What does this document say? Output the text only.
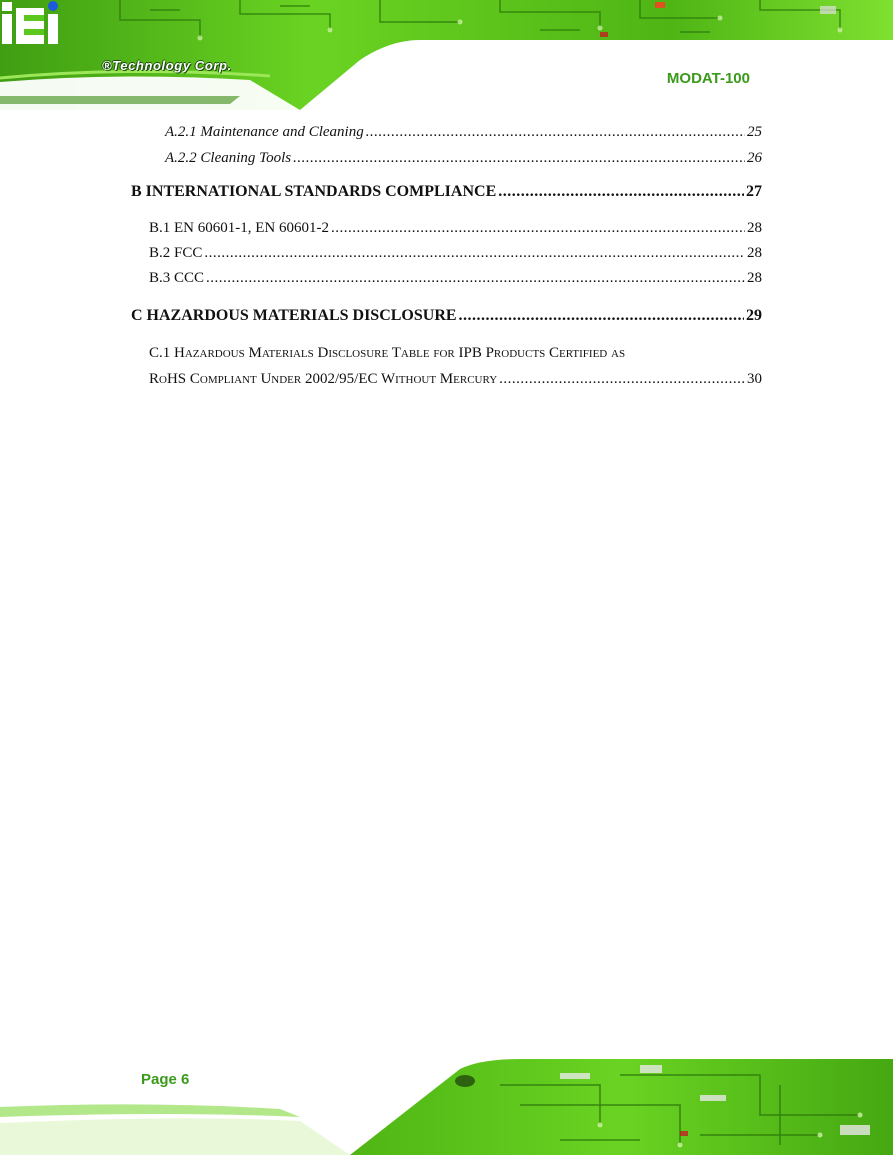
®Technology Corp.
MODAT-100
A.2.1 Maintenance and Cleaning .....	25
A.2.2 Cleaning Tools .....	26
B INTERNATIONAL STANDARDS COMPLIANCE .....	27
B.1 EN 60601-1, EN 60601-2 .....	28
B.2 FCC .....	28
B.3 CCC .....	28
C HAZARDOUS MATERIALS DISCLOSURE .....	29
C.1 Hazardous Materials Disclosure Table for IPB Products Certified as
RoHS Compliant Under 2002/95/EC Without Mercury .....	30
Page 6
